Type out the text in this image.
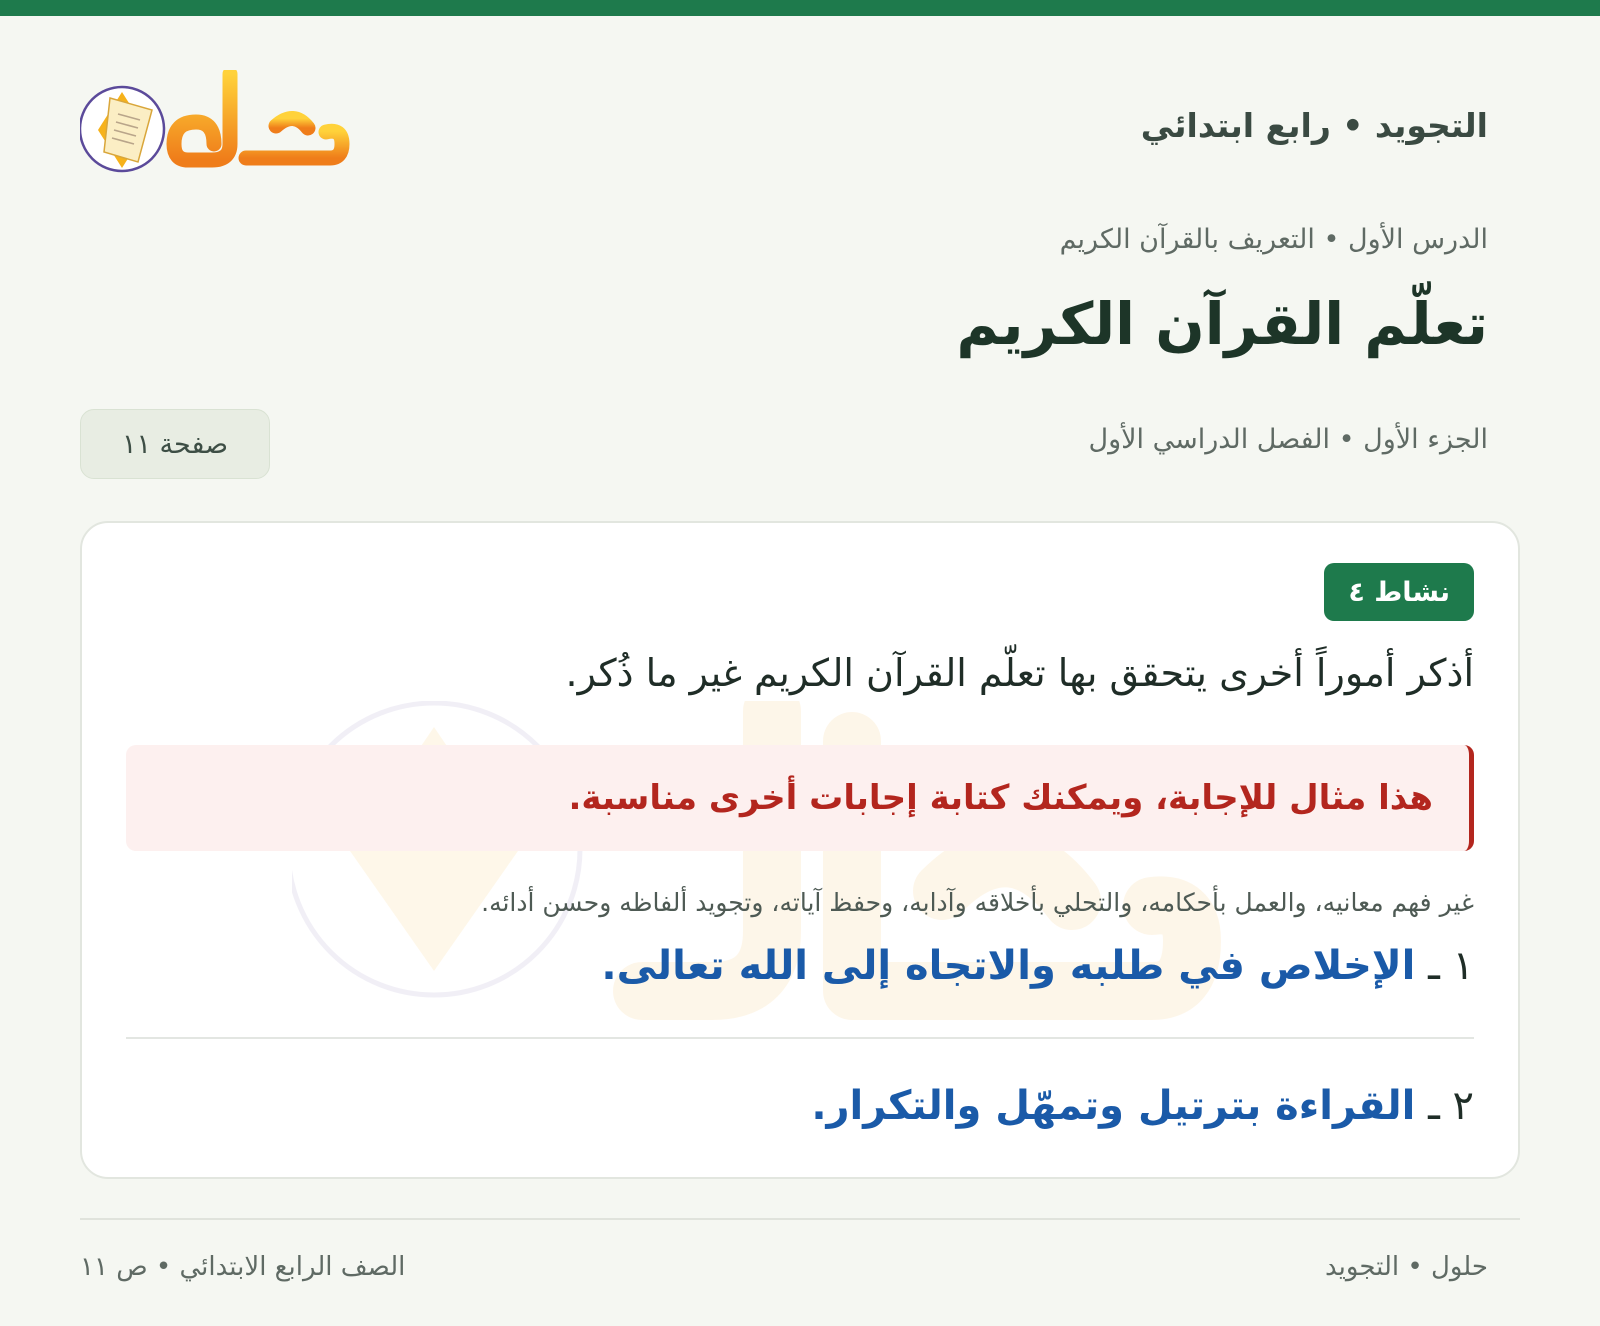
التجويد • رابع ابتدائي
الدرس الأول • التعريف بالقرآن الكريم
تعلّم القرآن الكريم
الجزء الأول • الفصل الدراسي الأول
صفحة ١١
نشاط ٤
أذكر أموراً أخرى يتحقق بها تعلّم القرآن الكريم غير ما ذُكر.
هذا مثال للإجابة، ويمكنك كتابة إجابات أخرى مناسبة.
غير فهم معانيه، والعمل بأحكامه، والتحلي بأخلاقه وآدابه، وحفظ آياته، وتجويد ألفاظه وحسن أدائه.
١ ـ الإخلاص في طلبه والاتجاه إلى الله تعالى.
٢ ـ القراءة بترتيل وتمهّل والتكرار.
حلول • التجويد
الصف الرابع الابتدائي • ص ١١
